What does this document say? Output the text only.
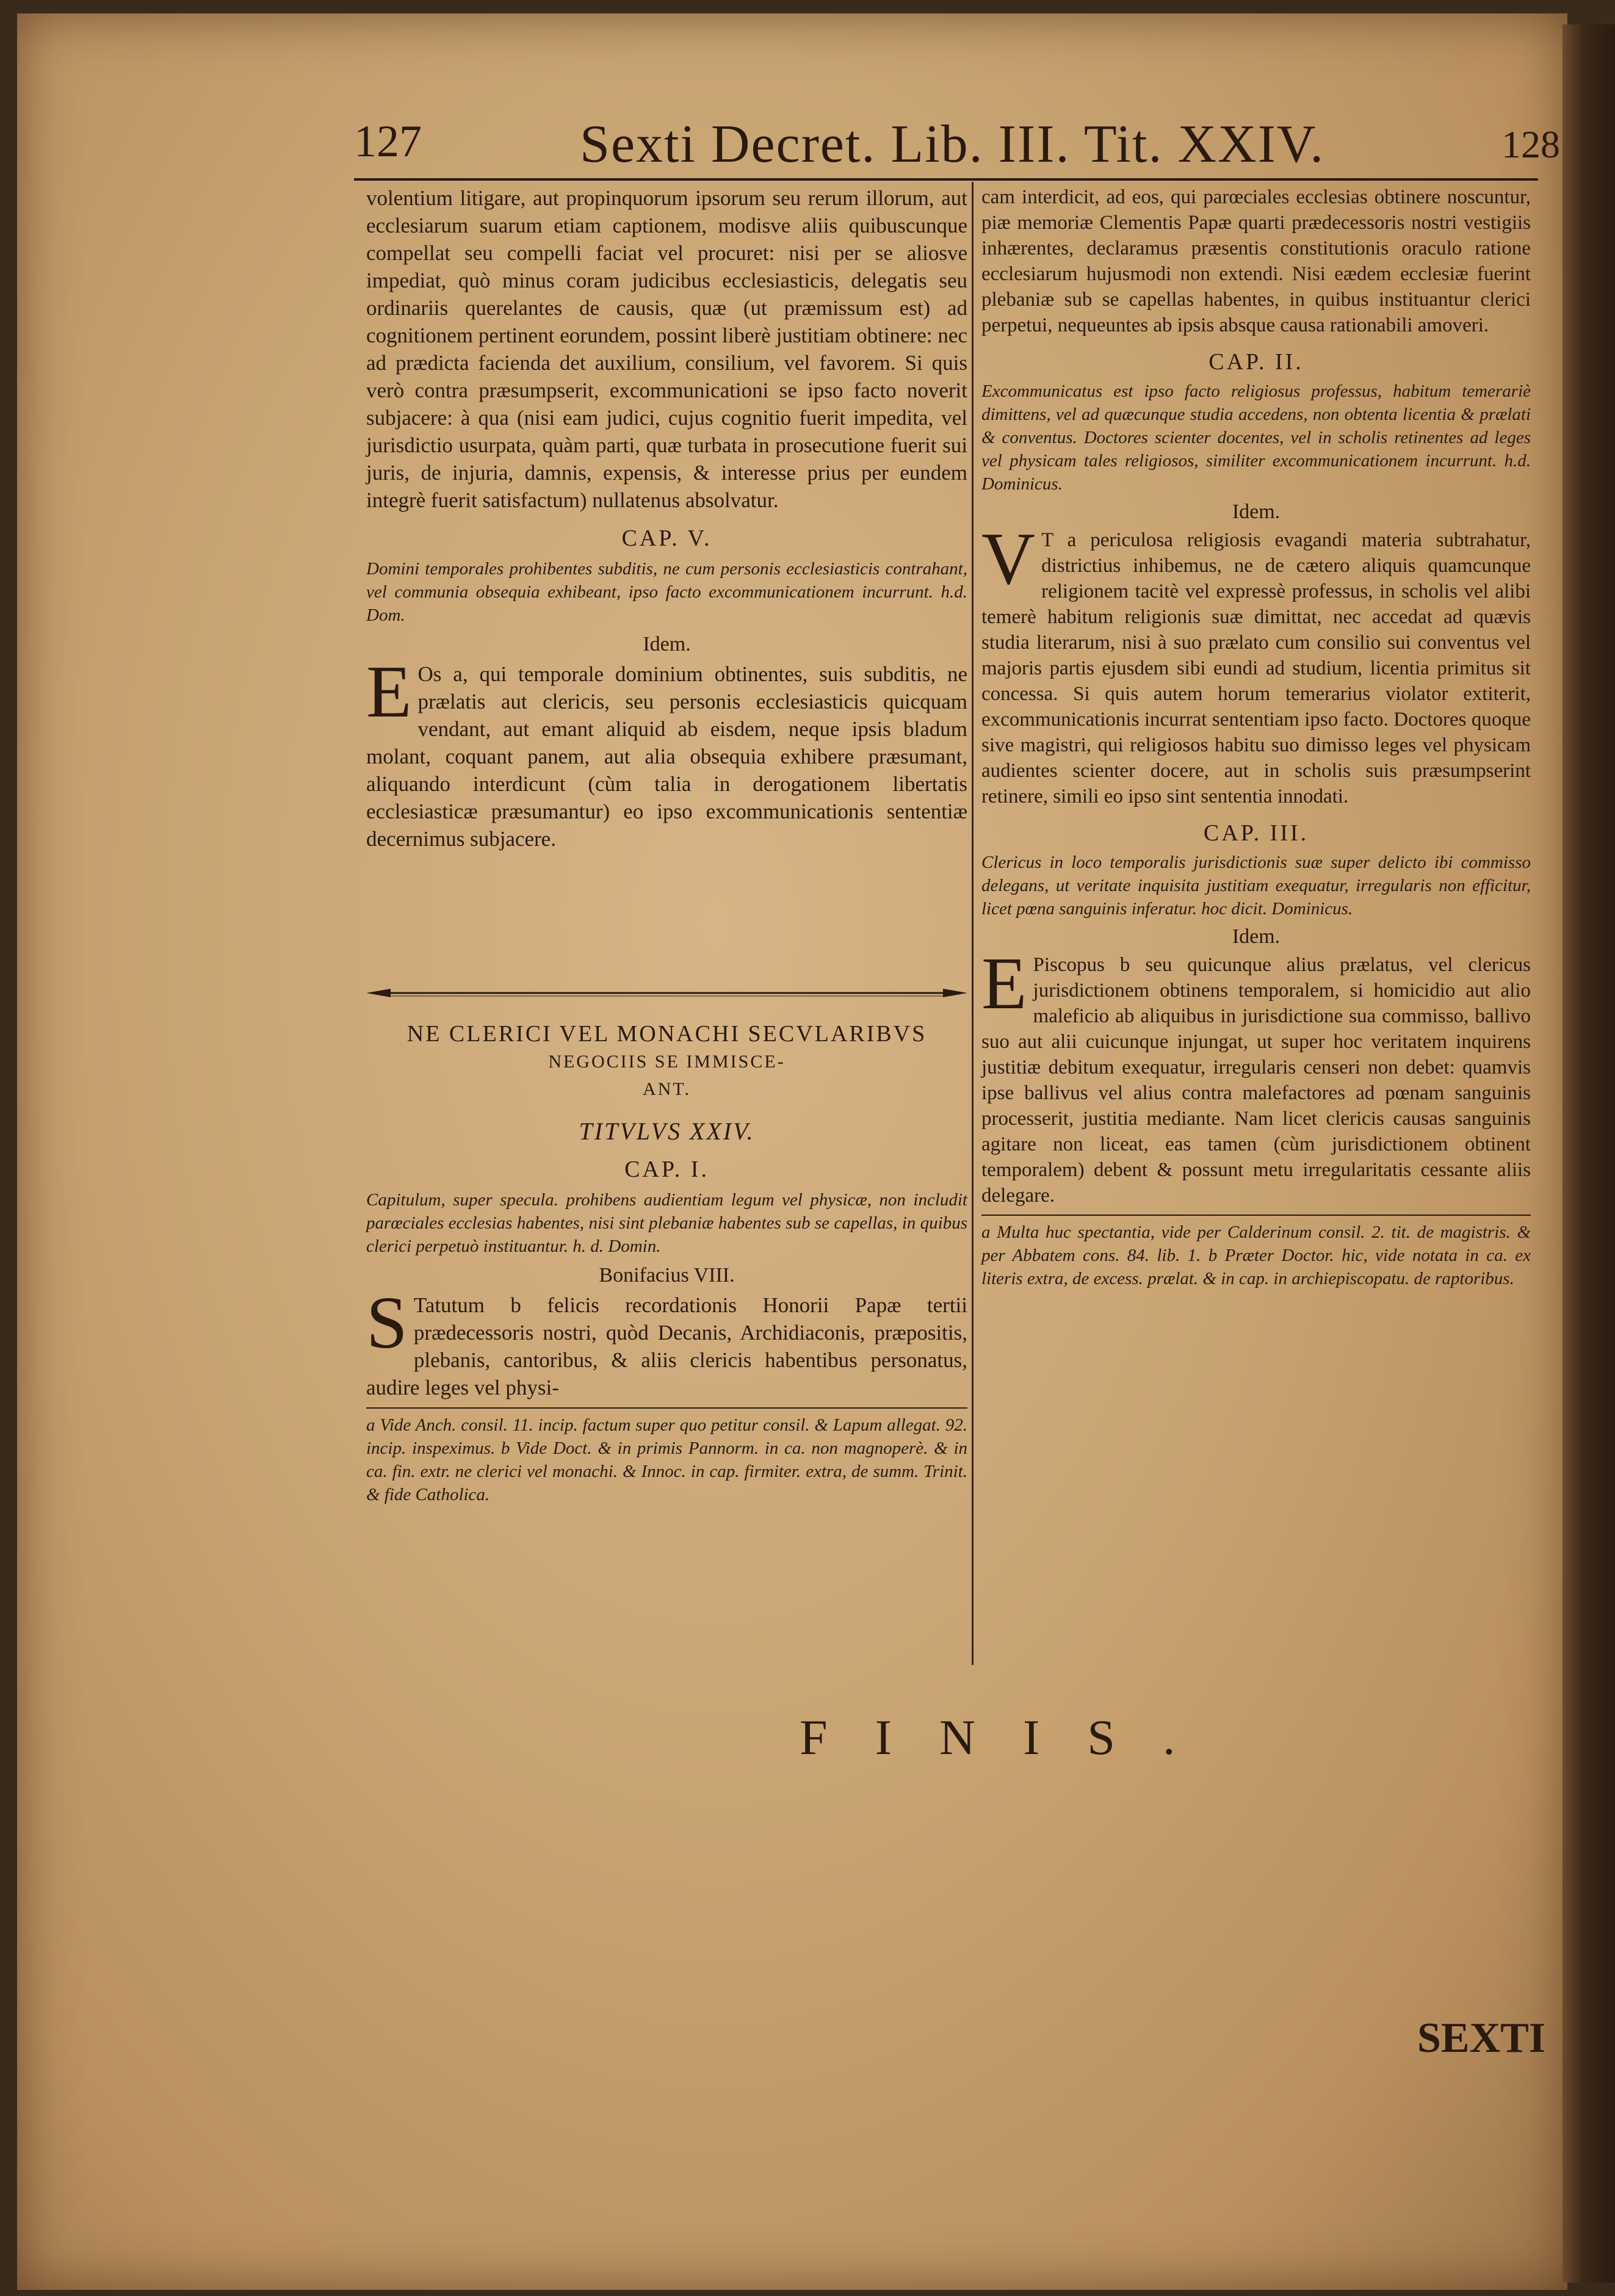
127	Sexti Decret. Lib. III. Tit. XXIV.	128

volentium litigare, aut propinquorum ipsorum seu rerum illorum, aut ecclesiarum suarum etiam captionem, modisve aliis quibuscunque compellat seu compelli faciat vel procuret: nisi per se aliosve impediat, quò minus coram judicibus ecclesiasticis, delegatis seu ordinariis querelantes de causis, quæ (ut præmissum est) ad cognitionem pertinent eorundem, possint liberè justitiam obtinere: nec ad prædicta facienda det auxilium, consilium, vel favorem. Si quis verò contra præsumpserit, excommunicationi se ipso facto noverit subjacere: à qua (nisi eam judici, cujus cognitio fuerit impedita, vel jurisdictio usurpata, quàm parti, quæ turbata in prosecutione fuerit sui juris, de injuria, damnis, expensis, & interesse prius per eundem integrè fuerit satisfactum) nullatenus absolvatur.

CAP. V.
Domini temporales prohibentes subditis, ne cum personis ecclesiasticis contrahant, vel communia obsequia exhibeant, ipso facto excommunicationem incurrunt. h.d. Dom.
Idem.

E Os a, qui temporale dominium obtinentes, suis subditis, ne prælatis aut clericis, seu personis ecclesiasticis quicquam vendant, aut emant aliquid ab eisdem, neque ipsis bladum molant, coquant panem, aut alia obsequia exhibere præsumant, aliquando interdicunt (cùm talia in derogationem libertatis ecclesiasticæ præsumantur) eo ipso excommunicationis sententiæ decernimus subjacere.

NE CLERICI VEL MONACHI SECVLARIBVS
NEGOCIIS SE IMMISCE-
ANT.
TITVLVS XXIV.
CAP. I.
Capitulum, super specula. prohibens audientiam legum vel physicæ, non includit parœciales ecclesias habentes, nisi sint plebaniæ habentes sub se capellas, in quibus clerici perpetuò instituantur. h. d. Domin.
Bonifacius VIII.

S Tatutum b felicis recordationis Honorii Papæ tertii prædecessoris nostri, quòd Decanis, Archidiaconis, præpositis, plebanis, cantoribus, & aliis clericis habentibus personatus, audire leges vel physi-

a Vide Anch. consil. 11. incip. factum super quo petitur consil. & Lapum allegat. 92. incip. inspeximus. b Vide Doct. & in primis Pannorm. in ca. non magnoperè. & in ca. fin. extr. ne clerici vel monachi. & Innoc. in cap. firmiter. extra, de summ. Trinit. & fide Catholica.

cam interdicit, ad eos, qui parœciales ecclesias obtinere noscuntur, piæ memoriæ Clementis Papæ quarti prædecessoris nostri vestigiis inhærentes, declaramus præsentis constitutionis oraculo ratione ecclesiarum hujusmodi non extendi. Nisi eædem ecclesiæ fuerint plebaniæ sub se capellas habentes, in quibus instituantur clerici perpetui, nequeuntes ab ipsis absque causa rationabili amoveri.

CAP. II.
Excommunicatus est ipso facto religiosus professus, habitum temerariè dimittens, vel ad quæcunque studia accedens, non obtenta licentia & prælati & conventus. Doctores scienter docentes, vel in scholis retinentes ad leges vel physicam tales religiosos, similiter excommunicationem incurrunt. h.d. Dominicus.
Idem.

V T a periculosa religiosis evagandi materia subtrahatur, districtius inhibemus, ne de cætero aliquis quamcunque religionem tacitè vel expressè professus, in scholis vel alibi temerè habitum religionis suæ dimittat, nec accedat ad quævis studia literarum, nisi à suo prælato cum consilio sui conventus vel majoris partis ejusdem sibi eundi ad studium, licentia primitus sit concessa. Si quis autem horum temerarius violator extiterit, excommunicationis incurrat sententiam ipso facto. Doctores quoque sive magistri, qui religiosos habitu suo dimisso leges vel physicam audientes scienter docere, aut in scholis suis præsumpserint retinere, simili eo ipso sint sententia innodati.

CAP. III.
Clericus in loco temporalis jurisdictionis suæ super delicto ibi commisso delegans, ut veritate inquisita justitiam exequatur, irregularis non efficitur, licet pœna sanguinis inferatur. hoc dicit. Dominicus.
Idem.

E Piscopus b seu quicunque alius prælatus, vel clericus jurisdictionem obtinens temporalem, si homicidio aut alio maleficio ab aliquibus in jurisdictione sua commisso, ballivo suo aut alii cuicunque injungat, ut super hoc veritatem inquirens justitiæ debitum exequatur, irregularis censeri non debet: quamvis ipse ballivus vel alius contra malefactores ad pœnam sanguinis processerit, justitia mediante. Nam licet clericis causas sanguinis agitare non liceat, eas tamen (cùm jurisdictionem obtinent temporalem) debent & possunt metu irregularitatis cessante aliis delegare.

a Multa huc spectantia, vide per Calderinum consil. 2. tit. de magistris. & per Abbatem cons. 84. lib. 1. b Præter Doctor. hic, vide notata in ca. ex literis extra, de excess. prælat. & in cap. in archiepiscopatu. de raptoribus.
FINIS.
SEXTI
